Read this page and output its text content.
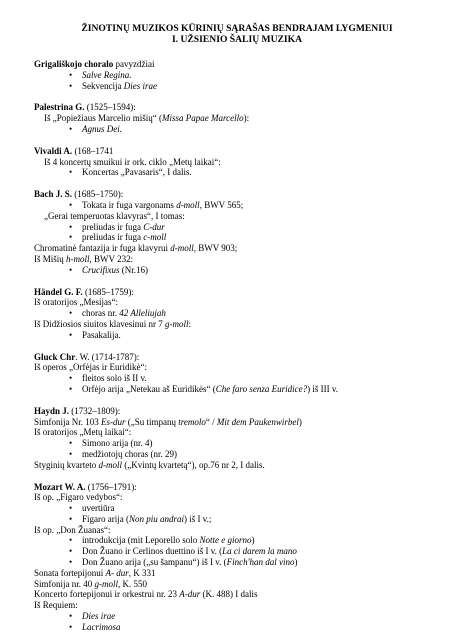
ŽINOTINŲ MUZIKOS KŪRINIŲ SĄRAŠAS BENDRAJAM LYGMENIUI
I. UŽSIENIO ŠALIŲ MUZIKA
Grigališkojo choralo pavyzdžiai
• Salve Regina.
• Sekvencija Dies irae
Palestrina G. (1525–1594):
Iš „Popiežiaus Marcelio mišių“ (Missa Papae Marcello):
• Agnus Dei.
Vivaldi A. (168–1741
Iš 4 koncertų smuikui ir ork. ciklo „Metų laikai“:
• Koncertas „Pavasaris“, I dalis.
Bach J. S. (1685–1750):
• Tokata ir fuga vargonams d-moll, BWV 565;
„Gerai temperuotas klavyras“, I tomas:
• preliudas ir fuga C-dur
• preliudas ir fuga c-moll
Chromatinė fantazija ir fuga klavyrui d-moll, BWV 903;
Iš Mišių h-moll, BWV 232:
• Crucifixus (Nr.16)
Händel G. F. (1685–1759):
Iš oratorijos „Mesijas“:
• choras nr. 42 Alleliujah
Iš Didžiosios siuitos klavesinui nr 7 g-moll:
• Pasakalija.
Gluck Chr. W. (1714-1787):
Iš operos „Orfėjas ir Euridikė“:
• fleitos solo iš II v.
• Orfėjo arija „Netekau aš Euridikės“ (Che faro senza Euridice?) iš III v.
Haydn J. (1732–1809):
Simfonija Nr. 103 Es-dur („Su timpanų tremolo“ / Mit dem Paukenwirbel)
Iš oratorijos „Metų laikai“:
• Simono arija (nr. 4)
• medžiotojų choras (nr. 29)
Styginių kvarteto d-moll („Kvintų kvartetą“), op.76 nr 2, I dalis.
Mozart W. A. (1756–1791):
Iš op. „Figaro vedybos“:
• uvertiūra
• Figaro arija (Non piu andrai) iš I v.;
Iš op. „Don Žuanas“:
• introdukcija (mit Leporello solo Notte e giorno)
• Don Žuano ir Cerlinos duettino iš I v. (La ci darem la mano
• Don Žuano arija („su šampanu“) iš I v. (Finch'han dal vino)
Sonata fortepijonui A- dur, K 331
Simfonija nr. 40 g-moll, K. 550
Koncerto fortepijonui ir orkestrui nr. 23 A-dur (K. 488) I dalis
Iš Requiem:
• Dies irae
• Lacrimosa
